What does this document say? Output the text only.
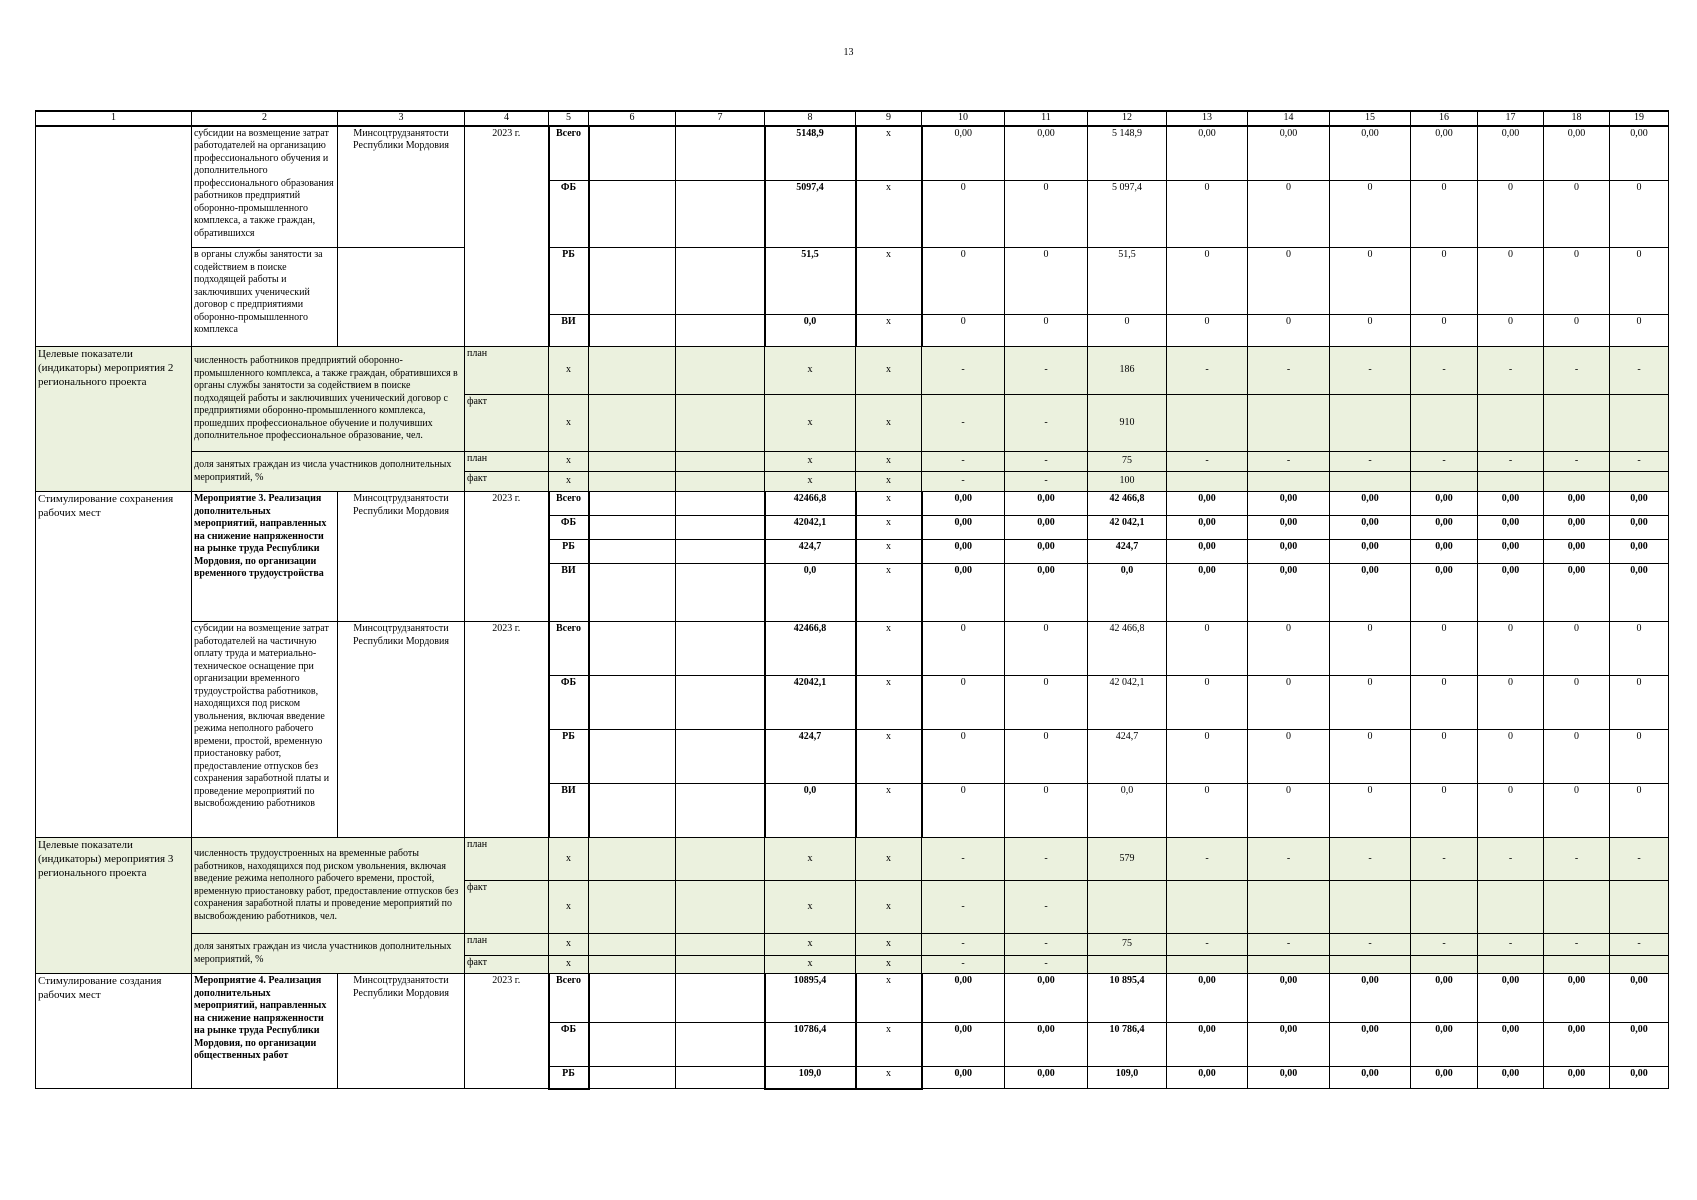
13
1	2	3	4	5	6	7	8	9	10	11	12	13	14	15	16	17	18	19
	субсидии на возмещение затрат работодателей на организацию профессионального обучения и дополнительного профессионального образования работников предприятий оборонно-промышленного комплекса, а также граждан, обратившихся	Минсоцтрудзанятости Республики Мордовия	2023 г.	Всего			5148,9	х	0,00	0,00	5 148,9	0,00	0,00	0,00	0,00	0,00	0,00	0,00
				ФБ			5097,4	х	0	0	5 097,4	0	0	0	0	0	0	0
	в органы службы занятости за содействием в поиске подходящей работы и заключивших ученический договор с предприятиями оборонно-промышленного комплекса			РБ			51,5	х	0	0	51,5	0	0	0	0	0	0	0
				ВИ			0,0	х	0	0	0	0	0	0	0	0	0	0
Целевые показатели (индикаторы) мероприятия 2 регионального проекта	численность работников предприятий оборонно-промышленного комплекса, а также граждан, обратившихся в органы службы занятости за содействием в поиске подходящей работы и заключивших ученический договор с предприятиями оборонно-промышленного комплекса, прошедших профессиональное обучение и получивших дополнительное профессиональное образование, чел.		план	х			х	х	-	-	186	-	-	-	-	-	-	-
			факт	х			х	х	-	-	910							
	доля занятых граждан из числа участников дополнительных мероприятий, %		план	х			х	х	-	-	75	-	-	-	-	-	-	-
			факт	х			х	х	-	-	100							
Стимулирование сохранения рабочих мест	Мероприятие 3. Реализация дополнительных мероприятий, направленных на снижение напряженности на рынке труда Республики Мордовия, по организации временного трудоустройства	Минсоцтрудзанятости Республики Мордовия	2023 г.	Всего			42466,8	х	0,00	0,00	42 466,8	0,00	0,00	0,00	0,00	0,00	0,00	0,00
				ФБ			42042,1	х	0,00	0,00	42 042,1	0,00	0,00	0,00	0,00	0,00	0,00	0,00
				РБ			424,7	х	0,00	0,00	424,7	0,00	0,00	0,00	0,00	0,00	0,00	0,00
				ВИ			0,0	х	0,00	0,00	0,0	0,00	0,00	0,00	0,00	0,00	0,00	0,00
	субсидии на возмещение затрат работодателей на частичную оплату труда и материально-техническое оснащение при организации временного трудоустройства работников, находящихся под риском увольнения, включая введение режима неполного рабочего времени, простой, временную приостановку работ, предоставление отпусков без сохранения заработной платы и проведение мероприятий по высвобождению работников	Минсоцтрудзанятости Республики Мордовия	2023 г.	Всего			42466,8	х	0	0	42 466,8	0	0	0	0	0	0	0
				ФБ			42042,1	х	0	0	42 042,1	0	0	0	0	0	0	0
				РБ			424,7	х	0	0	424,7	0	0	0	0	0	0	0
				ВИ			0,0	х	0	0	0,0	0	0	0	0	0	0	0
Целевые показатели (индикаторы) мероприятия 3 регионального проекта	численность трудоустроенных на временные работы работников, находящихся под риском увольнения, включая введение режима неполного рабочего времени, простой, временную приостановку работ, предоставление отпусков без сохранения заработной платы и проведение мероприятий по высвобождению работников, чел.		план	х			х	х	-	-	579	-	-	-	-	-	-	-
			факт	х			х	х	-	-								
	доля занятых граждан из числа участников дополнительных мероприятий, %		план	х			х	х	-	-	75	-	-	-	-	-	-	-
			факт	х			х	х	-	-								
Стимулирование создания рабочих мест	Мероприятие 4. Реализация дополнительных мероприятий, направленных на снижение напряженности на рынке труда Республики Мордовия, по организации общественных работ	Минсоцтрудзанятости Республики Мордовия	2023 г.	Всего			10895,4	х	0,00	0,00	10 895,4	0,00	0,00	0,00	0,00	0,00	0,00	0,00
				ФБ			10786,4	х	0,00	0,00	10 786,4	0,00	0,00	0,00	0,00	0,00	0,00	0,00
				РБ			109,0	х	0,00	0,00	109,0	0,00	0,00	0,00	0,00	0,00	0,00	0,00
